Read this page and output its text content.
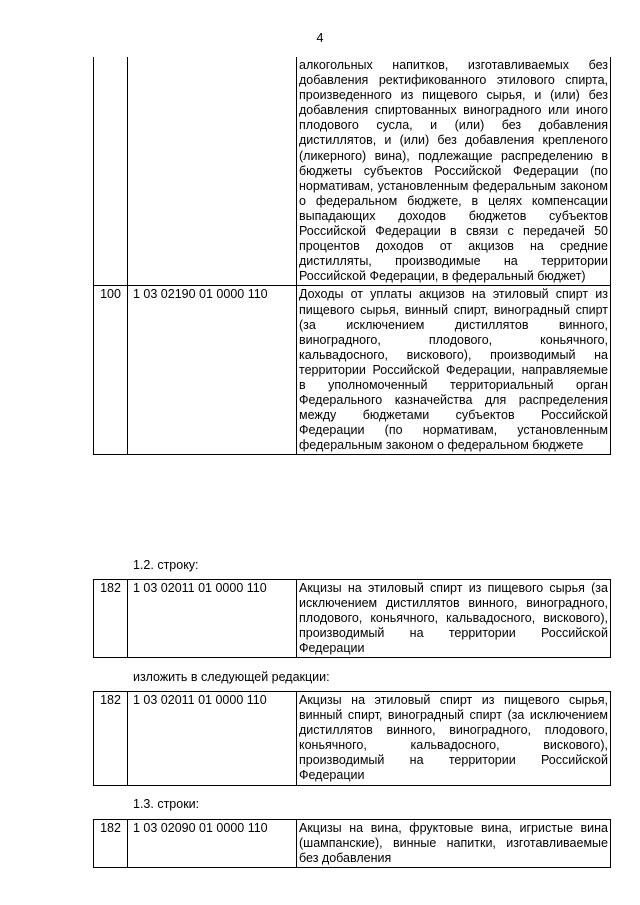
4
		алкогольных напитков, изготавливаемых без добавления ректификованного этилового спирта, произведенного из пищевого сырья, и (или) без добавления спиртованных виноградного или иного плодового сусла, и (или) без добавления дистиллятов, и (или) без добавления крепленого (ликерного) вина), подлежащие распределению в бюджеты субъектов Российской Федерации (по нормативам, установленным федеральным законом о федеральном бюджете, в целях компенсации выпадающих доходов бюджетов субъектов Российской Федерации в связи с передачей 50 процентов доходов от акцизов на средние дистилляты, производимые на территории Российской Федерации, в федеральный бюджет)
100	1 03 02190 01 0000 110	Доходы от уплаты акцизов на этиловый спирт из пищевого сырья, винный спирт, виноградный спирт (за исключением дистиллятов винного, виноградного, плодового, коньячного, кальвадосного, вискового), производимый на территории Российской Федерации, направляемые в уполномоченный территориальный орган Федерального казначейства для распределения между бюджетами субъектов Российской Федерации (по нормативам, установленным федеральным законом о федеральном бюджете
1.2. строку:
182	1 03 02011 01 0000 110	Акцизы на этиловый спирт из пищевого сырья (за исключением дистиллятов винного, виноградного, плодового, коньячного, кальвадосного, вискового), производимый на территории Российской Федерации
изложить в следующей редакции:
182	1 03 02011 01 0000 110	Акцизы на этиловый спирт из пищевого сырья, винный спирт, виноградный спирт (за исключением дистиллятов винного, виноградного, плодового, коньячного, кальвадосного, вискового), производимый на территории Российской Федерации
1.3. строки:
182	1 03 02090 01 0000 110	Акцизы на вина, фруктовые вина, игристые вина (шампанские), винные напитки, изготавливаемые без добавления
